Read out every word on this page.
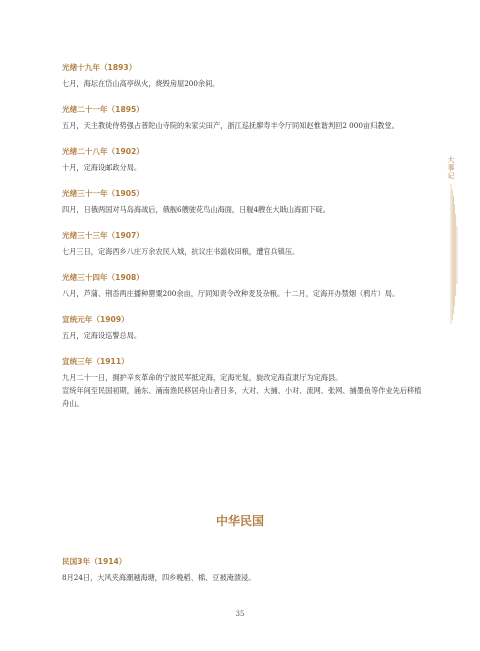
光绪十九年（1893）

七月，海坛在岱山高亭纵火，烧毁房屋200余间。

光绪二十一年（1895）

五月，天主教徒侍势强占普陀山寺院的朱家尖田产，浙江巡抚廖寿丰令厅同知赵惟谐判回2 000亩归教堂。

光绪二十八年（1902）

十月，定海设邮政分局。

光绪三十一年（1905）

四月，日俄两国对马岛海战后，俄舰6艘驶花鸟山海面，日舰4艘在大戢山海面下碇。

光绪三十三年（1907）

七月三日，定海西乡八庄万余农民入城，抗议庄书滥收田粮，遭官兵镇压。

光绪三十四年（1908）

八月，芦蒲、荆岙两庄播种罂粟200余亩，厅同知责令改种麦及杂粮。十二月，定海开办禁烟（鸦片）局。

宣统元年（1909）

五月，定海设巡警总局。

宣统三年（1911）

九月二十一日，拥护辛亥革命的宁波民军抵定海，定海光复，旋改定海直隶厅为定海县。

宣统年间至民国初期，涌东、涌南渔民移居舟山者日多，大对、大捕、小对、流网、张网、捕墨鱼等作业先后移植舟山。

中华民国
民国3年（1914）

8月24日，大风夹海潮越海塘，四乡晚稻、棉、豆被淹溃浸。

大事记
35
